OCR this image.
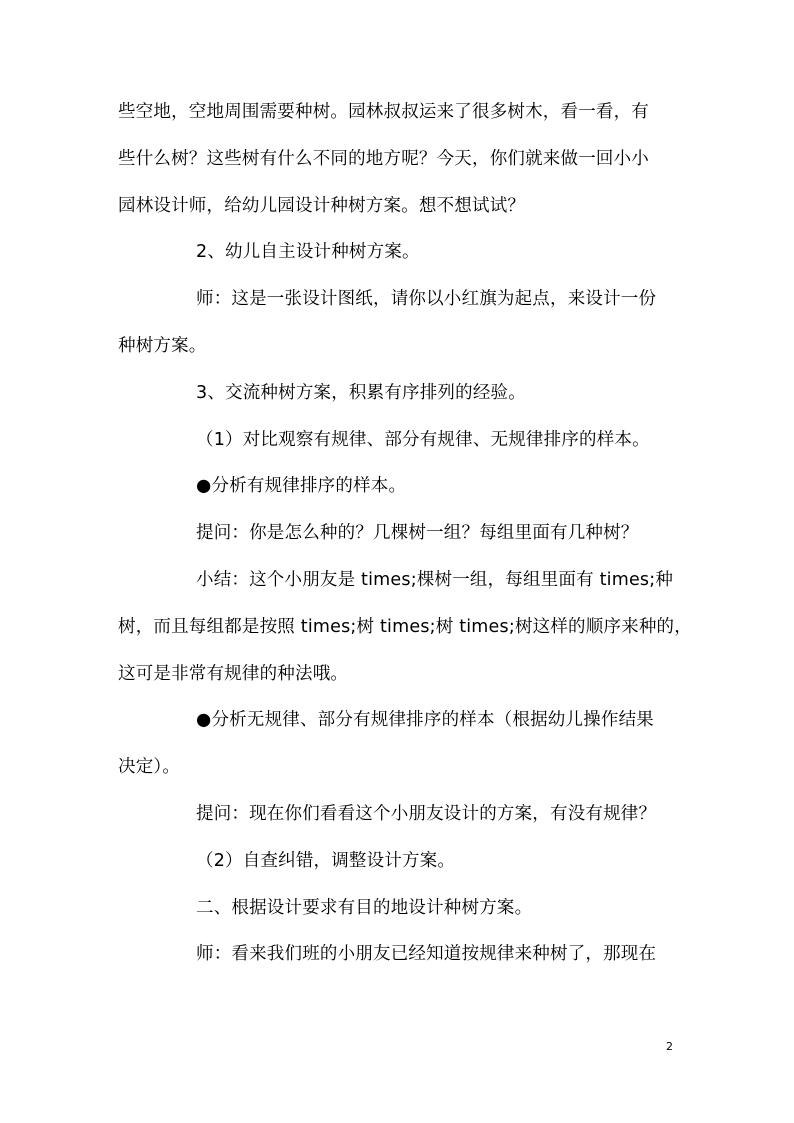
些空地，空地周围需要种树。园林叔叔运来了很多树木，看一看，有
些什么树？这些树有什么不同的地方呢？今天，你们就来做一回小小
园林设计师，给幼儿园设计种树方案。想不想试试？
2、幼儿自主设计种树方案。
师：这是一张设计图纸，请你以小红旗为起点，来设计一份
种树方案。
3、交流种树方案，积累有序排列的经验。
（1）对比观察有规律、部分有规律、无规律排序的样本。
●分析有规律排序的样本。
提问：你是怎么种的？几棵树一组？每组里面有几种树？
小结：这个小朋友是 times;棵树一组，每组里面有 times;种
树，而且每组都是按照 times;树 times;树 times;树这样的顺序来种的，
这可是非常有规律的种法哦。
●分析无规律、部分有规律排序的样本（根据幼儿操作结果
决定）。
提问：现在你们看看这个小朋友设计的方案，有没有规律？
（2）自查纠错，调整设计方案。
二、根据设计要求有目的地设计种树方案。
师：看来我们班的小朋友已经知道按规律来种树了，那现在
2
